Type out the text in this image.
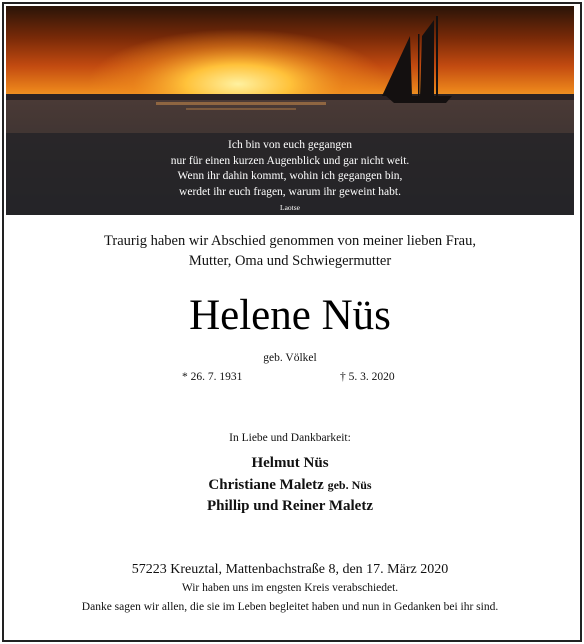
Ich bin von euch gegangen
nur für einen kurzen Augenblick und gar nicht weit.
Wenn ihr dahin kommt, wohin ich gegangen bin,
werdet ihr euch fragen, warum ihr geweint habt.
Laotse
Traurig haben wir Abschied genommen von meiner lieben Frau,
Mutter, Oma und Schwiegermutter
Helene Nüs
geb. Völkel
* 26. 7. 1931	† 5. 3. 2020
In Liebe und Dankbarkeit:
Helmut Nüs
Christiane Maletz geb. Nüs
Phillip und Reiner Maletz
57223 Kreuztal, Mattenbachstraße 8, den 17. März 2020
Wir haben uns im engsten Kreis verabschiedet.
Danke sagen wir allen, die sie im Leben begleitet haben und nun in Gedanken bei ihr sind.
